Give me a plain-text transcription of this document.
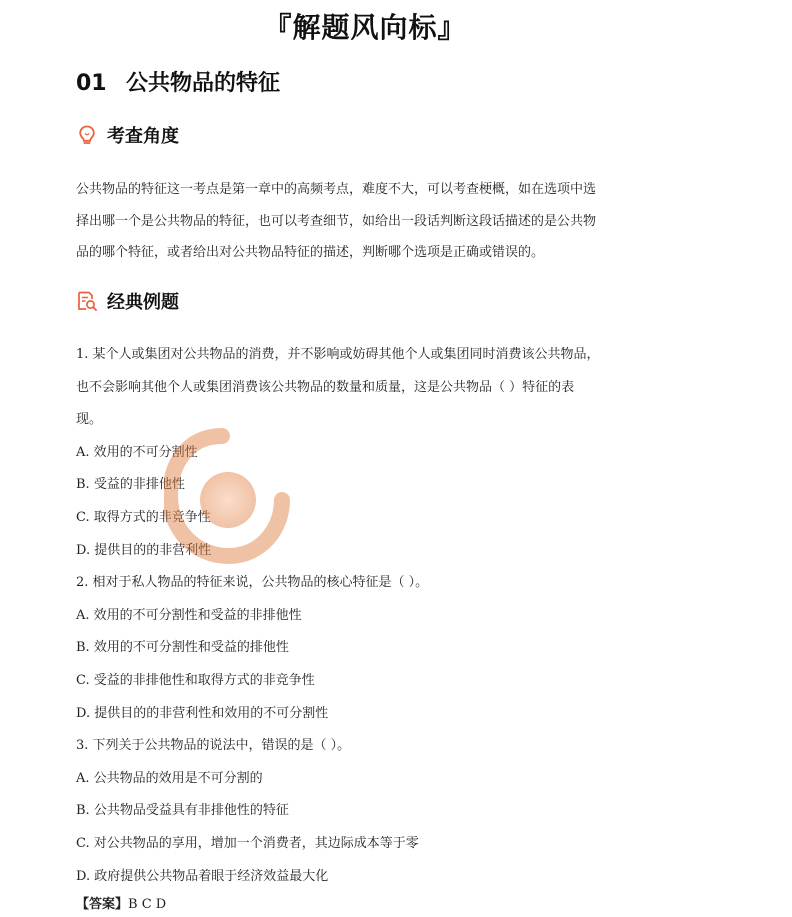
『解题风向标』
01 公共物品的特征
考查角度
公共物品的特征这一考点是第一章中的高频考点，难度不大，可以考查梗概，如在选项中选
择出哪一个是公共物品的特征，也可以考查细节，如给出一段话判断这段话描述的是公共物
品的哪个特征，或者给出对公共物品特征的描述，判断哪个选项是正确或错误的。
经典例题
1. 某个人或集团对公共物品的消费，并不影响或妨碍其他个人或集团同时消费该公共物品，
也不会影响其他个人或集团消费该公共物品的数量和质量，这是公共物品（ ）特征的表
现。
A. 效用的不可分割性
B. 受益的非排他性
C. 取得方式的非竞争性
D. 提供目的的非营利性
2. 相对于私人物品的特征来说，公共物品的核心特征是（ ）。
A. 效用的不可分割性和受益的非排他性
B. 效用的不可分割性和受益的排他性
C. 受益的非排他性和取得方式的非竞争性
D. 提供目的的非营利性和效用的不可分割性
3. 下列关于公共物品的说法中，错误的是（ ）。
A. 公共物品的效用是不可分割的
B. 公共物品受益具有非排他性的特征
C. 对公共物品的享用，增加一个消费者，其边际成本等于零
D. 政府提供公共物品着眼于经济效益最大化
【答案】B C D
